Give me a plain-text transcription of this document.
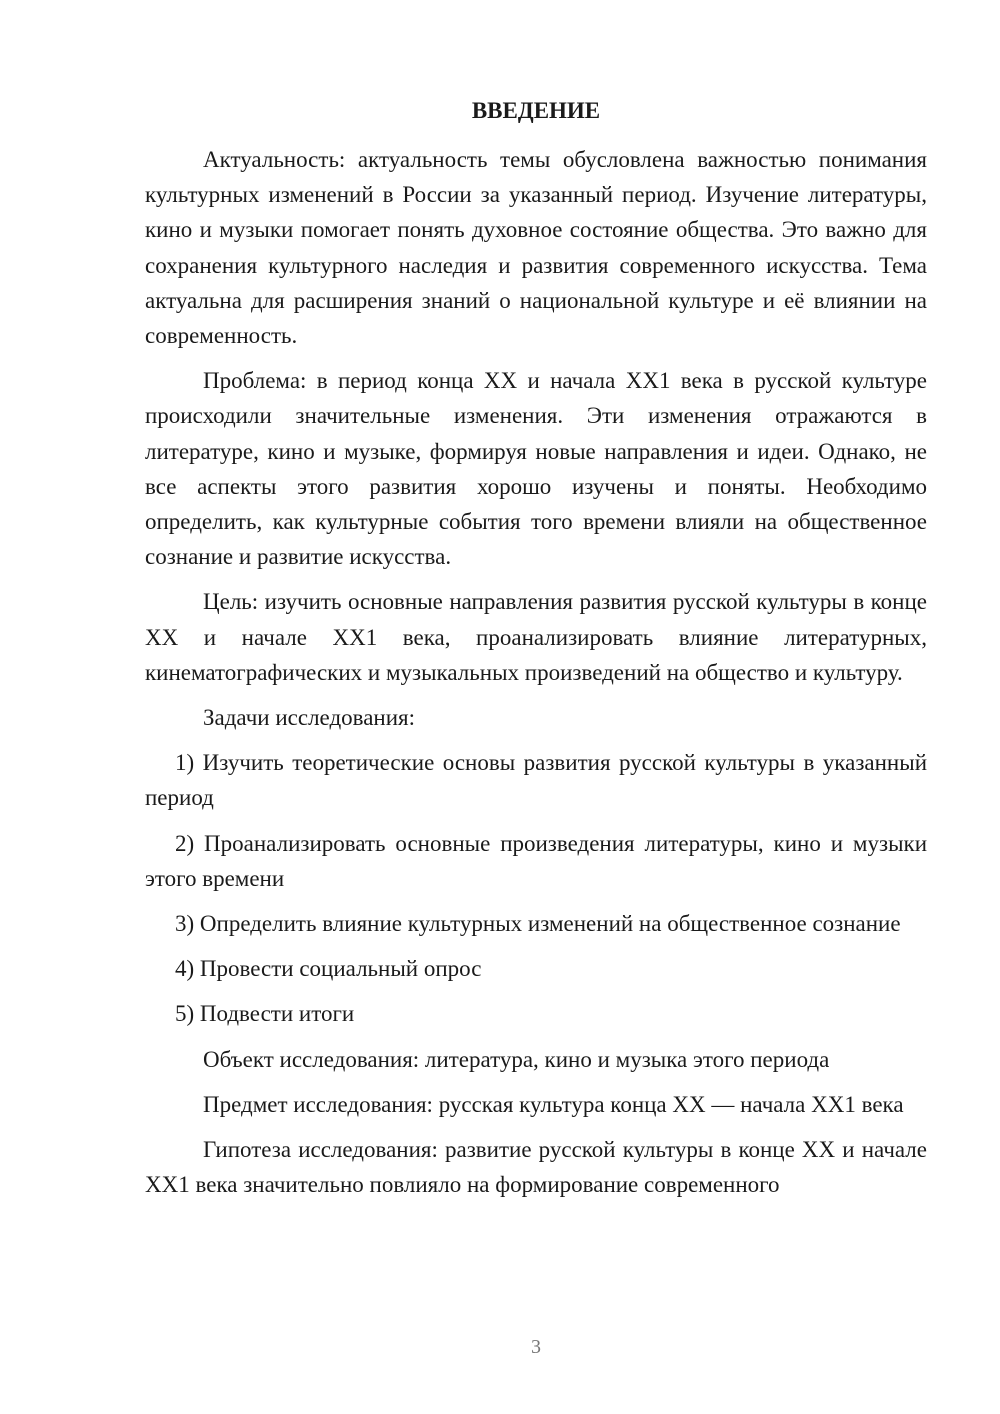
ВВЕДЕНИЕ

Актуальность: актуальность темы обусловлена важностью понимания культурных изменений в России за указанный период. Изучение литературы, кино и музыки помогает понять духовное состояние общества. Это важно для сохранения культурного наследия и развития современного искусства. Тема актуальна для расширения знаний о национальной культуре и её влиянии на современность.

Проблема: в период конца XX и начала XX1 века в русской культуре происходили значительные изменения. Эти изменения отражаются в литературе, кино и музыке, формируя новые направления и идеи. Однако, не все аспекты этого развития хорошо изучены и поняты. Необходимо определить, как культурные события того времени влияли на общественное сознание и развитие искусства.

Цель: изучить основные направления развития русской культуры в конце XX и начале XX1 века, проанализировать влияние литературных, кинематографических и музыкальных произведений на общество и культуру.

Задачи исследования:

1) Изучить теоретические основы развития русской культуры в указанный период

2) Проанализировать основные произведения литературы, кино и музыки этого времени

3) Определить влияние культурных изменений на общественное сознание

4) Провести социальный опрос

5) Подвести итоги

Объект исследования: литература, кино и музыка этого периода

Предмет исследования: русская культура конца XX — начала XX1 века

Гипотеза исследования: развитие русской культуры в конце XX и начале XX1 века значительно повлияло на формирование современного

3
